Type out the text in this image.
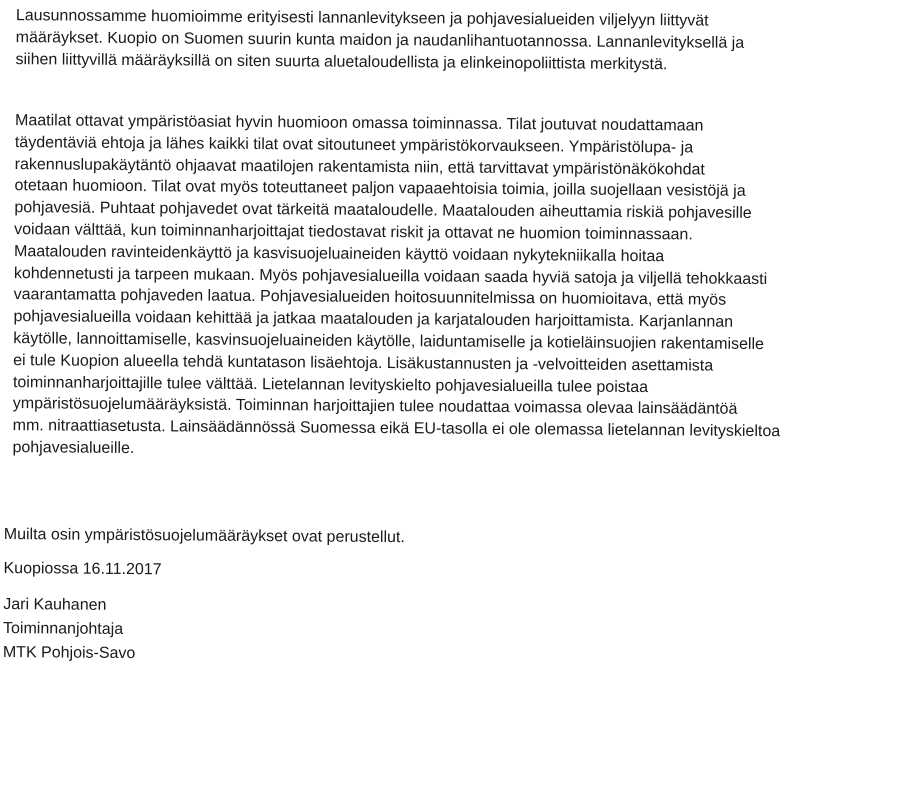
Lausunnossamme huomioimme erityisesti lannanlevitykseen ja pohjavesialueiden viljelyyn liittyvät
määräykset. Kuopio on Suomen suurin kunta maidon ja naudanlihantuotannossa. Lannanlevityksellä ja
siihen liittyvillä määräyksillä on siten suurta aluetaloudellista ja elinkeinopoliittista merkitystä.
Maatilat ottavat ympäristöasiat hyvin huomioon omassa toiminnassa. Tilat joutuvat noudattamaan
täydentäviä ehtoja ja lähes kaikki tilat ovat sitoutuneet ympäristökorvaukseen. Ympäristölupa- ja
rakennuslupakäytäntö ohjaavat maatilojen rakentamista niin, että tarvittavat ympäristönäkökohdat
otetaan huomioon. Tilat ovat myös toteuttaneet paljon vapaaehtoisia toimia, joilla suojellaan vesistöjä ja
pohjavesiä. Puhtaat pohjavedet ovat tärkeitä maataloudelle. Maatalouden aiheuttamia riskiä pohjavesille
voidaan välttää, kun toiminnanharjoittajat tiedostavat riskit ja ottavat ne huomion toiminnassaan.
Maatalouden ravinteidenkäyttö ja kasvisuojeluaineiden käyttö voidaan nykytekniikalla hoitaa
kohdennetusti ja tarpeen mukaan. Myös pohjavesialueilla voidaan saada hyviä satoja ja viljellä tehokkaasti
vaarantamatta pohjaveden laatua. Pohjavesialueiden hoitosuunnitelmissa on huomioitava, että myös
pohjavesialueilla voidaan kehittää ja jatkaa maatalouden ja karjatalouden harjoittamista. Karjanlannan
käytölle, lannoittamiselle, kasvinsuojeluaineiden käytölle, laiduntamiselle ja kotieläinsuojien rakentamiselle
ei tule Kuopion alueella tehdä kuntatason lisäehtoja. Lisäkustannusten ja -velvoitteiden asettamista
toiminnanharjoittajille tulee välttää. Lietelannan levityskielto pohjavesialueilla tulee poistaa
ympäristösuojelumääräyksistä. Toiminnan harjoittajien tulee noudattaa voimassa olevaa lainsäädäntöä
mm. nitraattiasetusta. Lainsäädännössä Suomessa eikä EU-tasolla ei ole olemassa lietelannan levityskieltoa
pohjavesialueille.

Muilta osin ympäristösuojelumääräykset ovat perustellut.

Kuopiossa 16.11.2017

Jari Kauhanen

Toiminnanjohtaja

MTK Pohjois-Savo
